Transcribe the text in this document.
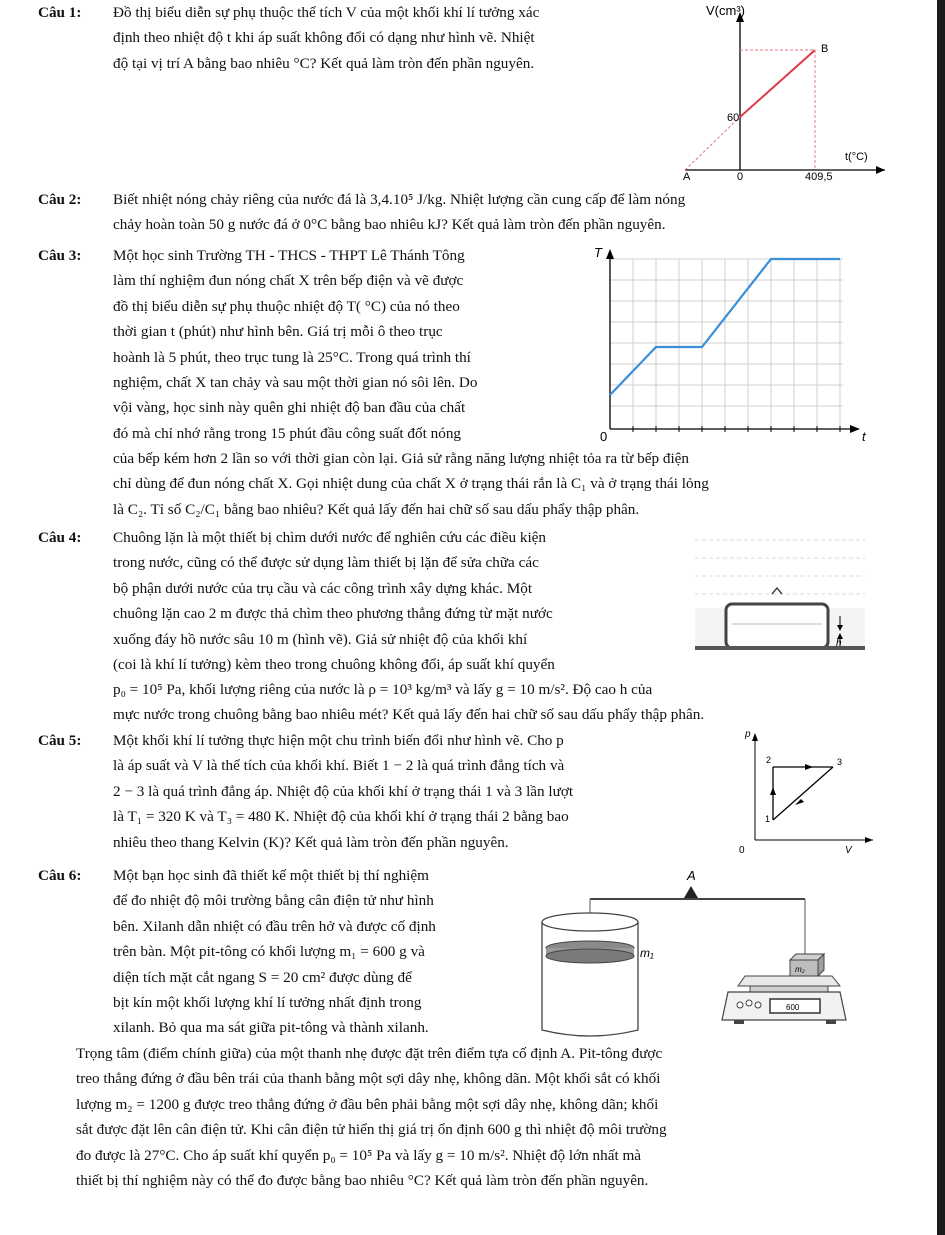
Câu 1: Đồ thị biểu diễn sự phụ thuộc thể tích V của một khối khí lí tưởng xác

định theo nhiệt độ t khi áp suất không đổi có dạng như hình vẽ. Nhiệt

độ tại vị trí A bằng bao nhiêu °C? Kết quả làm tròn đến phần nguyên.

V(cm³)
t(°C)
B
60
A	0	409,5
Câu 2: Biết nhiệt nóng chảy riêng của nước đá là 3,4.10⁵ J/kg. Nhiệt lượng cần cung cấp để làm nóng

chảy hoàn toàn 50 g nước đá ở 0°C bằng bao nhiêu kJ? Kết quả làm tròn đến phần nguyên.

Câu 3: Một học sinh Trường TH - THCS - THPT Lê Thánh Tông

làm thí nghiệm đun nóng chất X trên bếp điện và vẽ được

đồ thị biểu diễn sự phụ thuộc nhiệt độ T( °C) của nó theo

thời gian t (phút) như hình bên. Giá trị mỗi ô theo trục

hoành là 5 phút, theo trục tung là 25°C. Trong quá trình thí

nghiệm, chất X tan chảy và sau một thời gian nó sôi lên. Do

vội vàng, học sinh này quên ghi nhiệt độ ban đầu của chất

đó mà chỉ nhớ rằng trong 15 phút đầu công suất đốt nóng

của bếp kém hơn 2 lần so với thời gian còn lại. Giả sử rằng năng lượng nhiệt tỏa ra từ bếp điện

chỉ dùng để đun nóng chất X. Gọi nhiệt dung của chất X ở trạng thái rắn là C₁ và ở trạng thái lỏng

là C₂. Tỉ số C₂/C₁ bằng bao nhiêu? Kết quả lấy đến hai chữ số sau dấu phẩy thập phân.

T
0	t
Câu 4: Chuông lặn là một thiết bị chìm dưới nước để nghiên cứu các điều kiện

trong nước, cũng có thể được sử dụng làm thiết bị lặn để sửa chữa các

bộ phận dưới nước của trụ cầu và các công trình xây dựng khác. Một

chuông lặn cao 2 m được thả chìm theo phương thẳng đứng từ mặt nước

xuống đáy hồ nước sâu 10 m (hình vẽ). Giả sử nhiệt độ của khối khí

(coi là khí lí tưởng) kèm theo trong chuông không đổi, áp suất khí quyển

p₀ = 10⁵ Pa, khối lượng riêng của nước là ρ = 10³ kg/m³ và lấy g = 10 m/s². Độ cao h của

mực nước trong chuông bằng bao nhiêu mét? Kết quả lấy đến hai chữ số sau dấu phẩy thập phân.

h
Câu 5: Một khối khí lí tưởng thực hiện một chu trình biến đổi như hình vẽ. Cho p

là áp suất và V là thể tích của khối khí. Biết 1 − 2 là quá trình đẳng tích và

2 − 3 là quá trình đẳng áp. Nhiệt độ của khối khí ở trạng thái 1 và 3 lần lượt

là T₁ = 320 K và T₃ = 480 K. Nhiệt độ của khối khí ở trạng thái 2 bằng bao

nhiêu theo thang Kelvin (K)? Kết quả làm tròn đến phần nguyên.

p
V
0
2	3
1
Câu 6: Một bạn học sinh đã thiết kế một thiết bị thí nghiệm

để đo nhiệt độ môi trường bằng cân điện tử như hình

bên. Xilanh dẫn nhiệt có đầu trên hở và được cố định

trên bàn. Một pit-tông có khối lượng m₁ = 600 g và

diện tích mặt cắt ngang S = 20 cm² được dùng để

bịt kín một khối lượng khí lí tưởng nhất định trong

xilanh. Bỏ qua ma sát giữa pit-tông và thành xilanh.

Trọng tâm (điểm chính giữa) của một thanh nhẹ được đặt trên điểm tựa cố định A. Pit-tông được

treo thẳng đứng ở đầu bên trái của thanh bằng một sợi dây nhẹ, không dãn. Một khối sắt có khối

lượng m₂ = 1200 g được treo thẳng đứng ở đầu bên phải bằng một sợi dây nhẹ, không dãn; khối

sắt được đặt lên cân điện tử. Khi cân điện tử hiển thị giá trị ổn định 600 g thì nhiệt độ môi trường

đo được là 27°C. Cho áp suất khí quyển p₀ = 10⁵ Pa và lấy g = 10 m/s². Nhiệt độ lớn nhất mà

thiết bị thí nghiệm này có thể đo được bằng bao nhiêu °C? Kết quả làm tròn đến phần nguyên.

A
m₁
m₂
600
